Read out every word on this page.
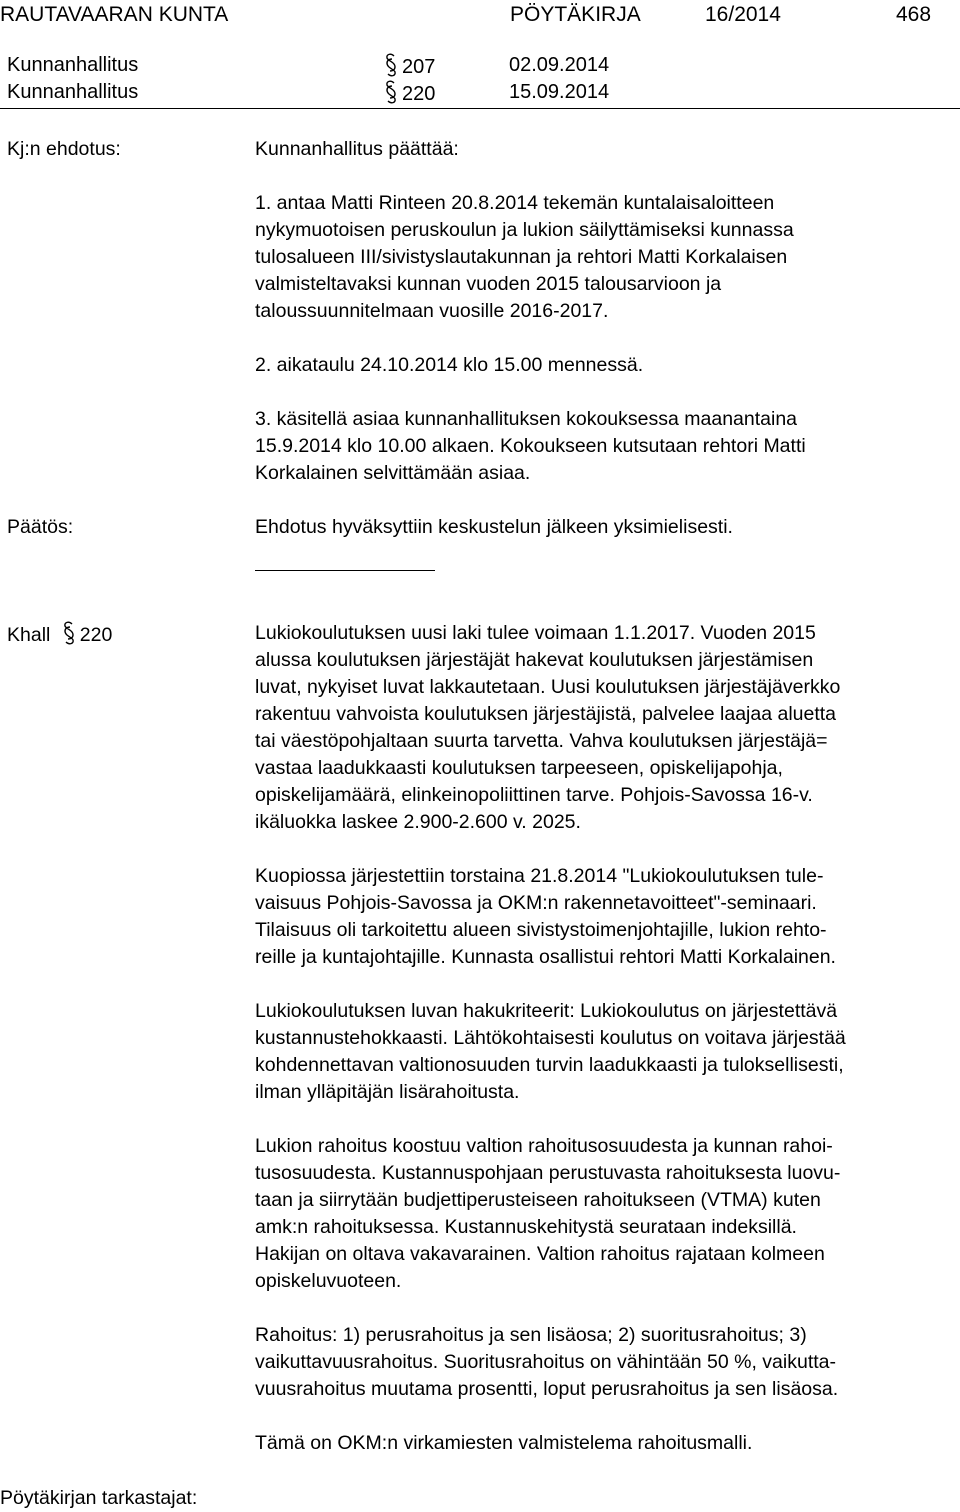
RAUTAVAARAN KUNTA	PÖYTÄKIRJA	16/2014	468
Kunnanhallitus	207	02.09.2014
Kunnanhallitus	220	15.09.2014
Kj:n ehdotus:	Kunnanhallitus päättää:
1. antaa Matti Rinteen 20.8.2014 tekemän kuntalaisaloitteen
nykymuotoisen peruskoulun ja lukion säilyttämiseksi kunnassa
tulosalueen III/sivistyslautakunnan ja rehtori Matti Korkalaisen
valmisteltavaksi kunnan vuoden 2015 talousarvioon ja
taloussuunnitelmaan vuosille 2016-2017.
2. aikataulu 24.10.2014 klo 15.00 mennessä.
3. käsitellä asiaa kunnanhallituksen kokouksessa maanantaina
15.9.2014 klo 10.00 alkaen. Kokoukseen kutsutaan rehtori Matti
Korkalainen selvittämään asiaa.
Päätös:	Ehdotus hyväksyttiin keskustelun jälkeen yksimielisesti.
Khall 220	Lukiokoulutuksen uusi laki tulee voimaan 1.1.2017. Vuoden 2015
alussa koulutuksen järjestäjät hakevat koulutuksen järjestämisen
luvat, nykyiset luvat lakkautetaan. Uusi koulutuksen järjestäjäverkko
rakentuu vahvoista koulutuksen järjestäjistä, palvelee laajaa aluetta
tai väestöpohjaltaan suurta tarvetta. Vahva koulutuksen järjestäjä=
vastaa laadukkaasti koulutuksen tarpeeseen, opiskelijapohja,
opiskelijamäärä, elinkeinopoliittinen tarve. Pohjois-Savossa 16-v.
ikäluokka laskee 2.900-2.600 v. 2025.
Kuopiossa järjestettiin torstaina 21.8.2014 "Lukiokoulutuksen tule-
vaisuus Pohjois-Savossa ja OKM:n rakennetavoitteet"-seminaari.
Tilaisuus oli tarkoitettu alueen sivistystoimenjohtajille, lukion rehto-
reille ja kuntajohtajille. Kunnasta osallistui rehtori Matti Korkalainen.
Lukiokoulutuksen luvan hakukriteerit: Lukiokoulutus on järjestettävä
kustannustehokkaasti. Lähtökohtaisesti koulutus on voitava järjestää
kohdennettavan valtionosuuden turvin laadukkaasti ja tuloksellisesti,
ilman ylläpitäjän lisärahoitusta.
Lukion rahoitus koostuu valtion rahoitusosuudesta ja kunnan rahoi-
tusosuudesta. Kustannuspohjaan perustuvasta rahoituksesta luovu-
taan ja siirrytään budjettiperusteiseen rahoitukseen (VTMA) kuten
amk:n rahoituksessa. Kustannuskehitystä seurataan indeksillä.
Hakijan on oltava vakavarainen. Valtion rahoitus rajataan kolmeen
opiskeluvuoteen.
Rahoitus: 1) perusrahoitus ja sen lisäosa; 2) suoritusrahoitus; 3)
vaikuttavuusrahoitus. Suoritusrahoitus on vähintään 50 %, vaikutta-
vuusrahoitus muutama prosentti, loput perusrahoitus ja sen lisäosa.
Tämä on OKM:n virkamiesten valmistelema rahoitusmalli.
Pöytäkirjan tarkastajat:
